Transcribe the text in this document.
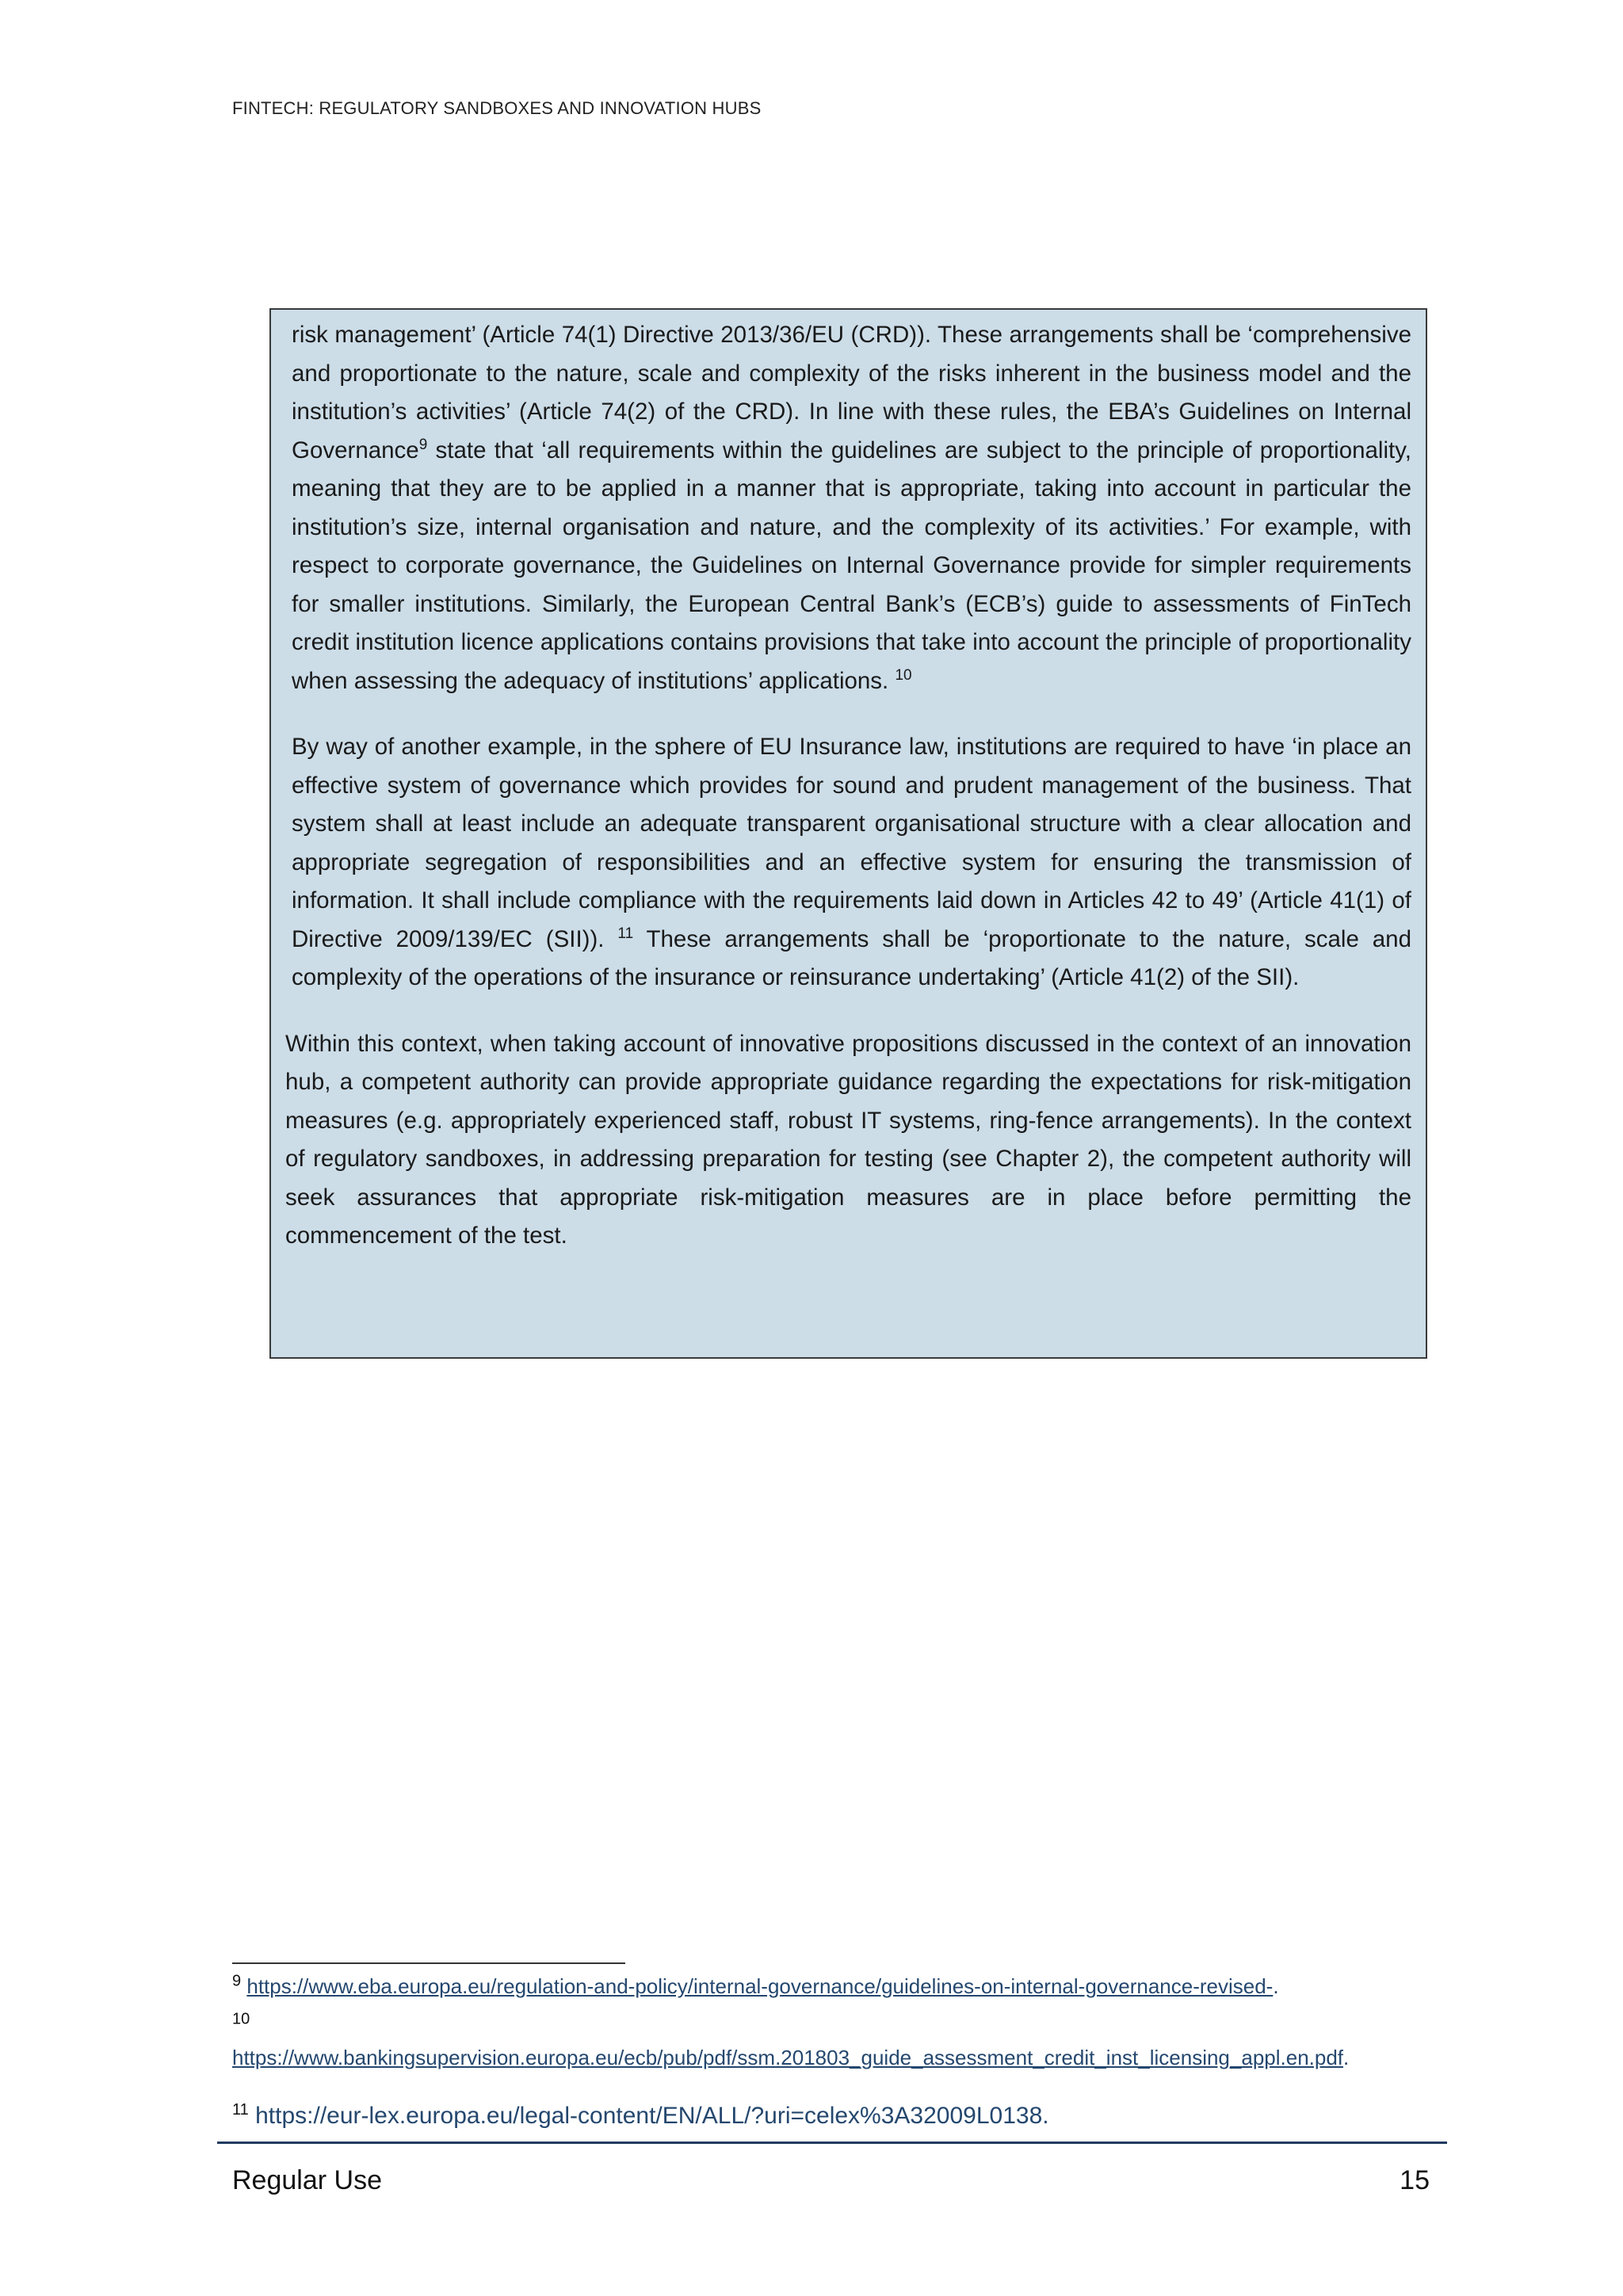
FINTECH: REGULATORY SANDBOXES AND INNOVATION HUBS

risk management’ (Article 74(1) Directive 2013/36/EU (CRD)). These arrangements shall be ‘comprehensive and proportionate to the nature, scale and complexity of the risks inherent in the business model and the institution’s activities’ (Article 74(2) of the CRD). In line with these rules, the EBA’s Guidelines on Internal Governance$^9$ state that ‘all requirements within the guidelines are subject to the principle of proportionality, meaning that they are to be applied in a manner that is appropriate, taking into account in particular the institution’s size, internal organisation and nature, and the complexity of its activities.’ For example, with respect to corporate governance, the Guidelines on Internal Governance provide for simpler requirements for smaller institutions. Similarly, the European Central Bank’s (ECB’s) guide to assessments of FinTech credit institution licence applications contains provisions that take into account the principle of proportionality when assessing the adequacy of institutions’ applications. $^{10}$

By way of another example, in the sphere of EU Insurance law, institutions are required to have ‘in place an effective system of governance which provides for sound and prudent management of the business. That system shall at least include an adequate transparent organisational structure with a clear allocation and appropriate segregation of responsibilities and an effective system for ensuring the transmission of information. It shall include compliance with the requirements laid down in Articles 42 to 49’ (Article 41(1) of Directive 2009/139/EC (SII)). $^{11}$ These arrangements shall be ‘proportionate to the nature, scale and complexity of the operations of the insurance or reinsurance undertaking’ (Article 41(2) of the SII).

Within this context, when taking account of innovative propositions discussed in the context of an innovation hub, a competent authority can provide appropriate guidance regarding the expectations for risk-mitigation measures (e.g. appropriately experienced staff, robust IT systems, ring-fence arrangements). In the context of regulatory sandboxes, in addressing preparation for testing (see Chapter 2), the competent authority will seek assurances that appropriate risk-mitigation measures are in place before permitting the commencement of the test.

$^9$ https://www.eba.europa.eu/regulation-and-policy/internal-governance/guidelines-on-internal-governance-revised-.
$^{10}$
https://www.bankingsupervision.europa.eu/ecb/pub/pdf/ssm.201803_guide_assessment_credit_inst_licensing_appl.en.pdf.
$^{11}$ https://eur-lex.europa.eu/legal-content/EN/ALL/?uri=celex%3A32009L0138.
Regular Use	15
